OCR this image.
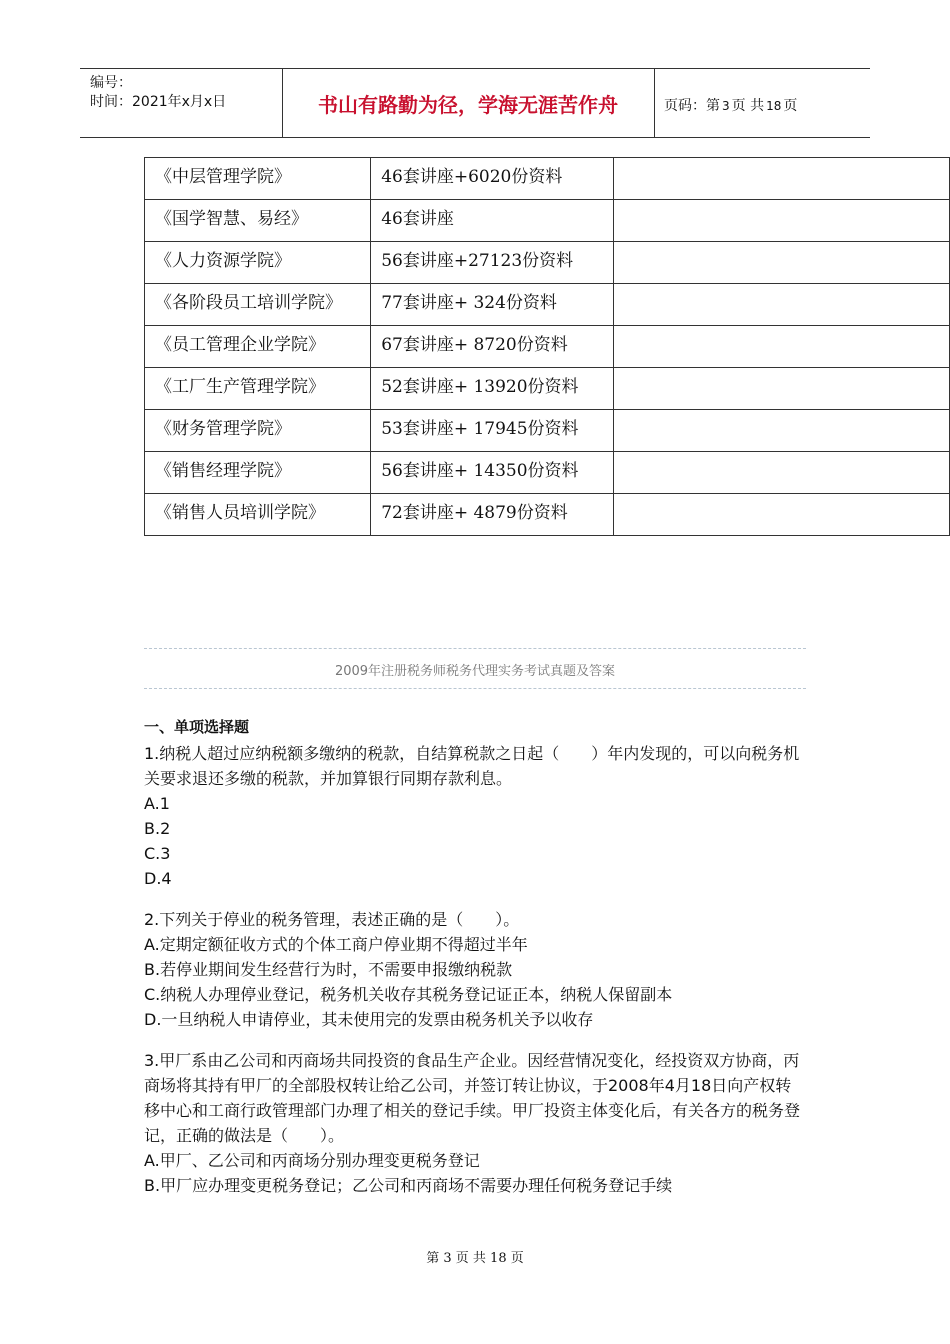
编号：
时间：2021年x月x日	书山有路勤为径，学海无涯苦作舟	页码：第 3 页 共 18 页
《中层管理学院》	46套讲座+6020份资料	
《国学智慧、易经》	46套讲座	
《人力资源学院》	56套讲座+27123份资料	
《各阶段员工培训学院》	77套讲座+ 324份资料	
《员工管理企业学院》	67套讲座+ 8720份资料	
《工厂生产管理学院》	52套讲座+ 13920份资料	
《财务管理学院》	53套讲座+ 17945份资料	
《销售经理学院》	56套讲座+ 14350份资料	
《销售人员培训学院》	72套讲座+ 4879份资料	
2009年注册税务师税务代理实务考试真题及答案

一、单项选择题

1.纳税人超过应纳税额多缴纳的税款，自结算税款之日起（　　）年内发现的，可以向税务机关要求退还多缴的税款，并加算银行同期存款利息。

A.1

B.2

C.3

D.4

2.下列关于停业的税务管理，表述正确的是（　　）。

A.定期定额征收方式的个体工商户停业期不得超过半年

B.若停业期间发生经营行为时，不需要申报缴纳税款

C.纳税人办理停业登记，税务机关收存其税务登记证正本，纳税人保留副本

D.一旦纳税人申请停业，其未使用完的发票由税务机关予以收存

3.甲厂系由乙公司和丙商场共同投资的食品生产企业。因经营情况变化，经投资双方协商，丙商场将其持有甲厂的全部股权转让给乙公司，并签订转让协议，于2008年4月18日向产权转移中心和工商行政管理部门办理了相关的登记手续。甲厂投资主体变化后，有关各方的税务登记，正确的做法是（　　）。

A.甲厂、乙公司和丙商场分别办理变更税务登记

B.甲厂应办理变更税务登记；乙公司和丙商场不需要办理任何税务登记手续

第 3 页 共 18 页
